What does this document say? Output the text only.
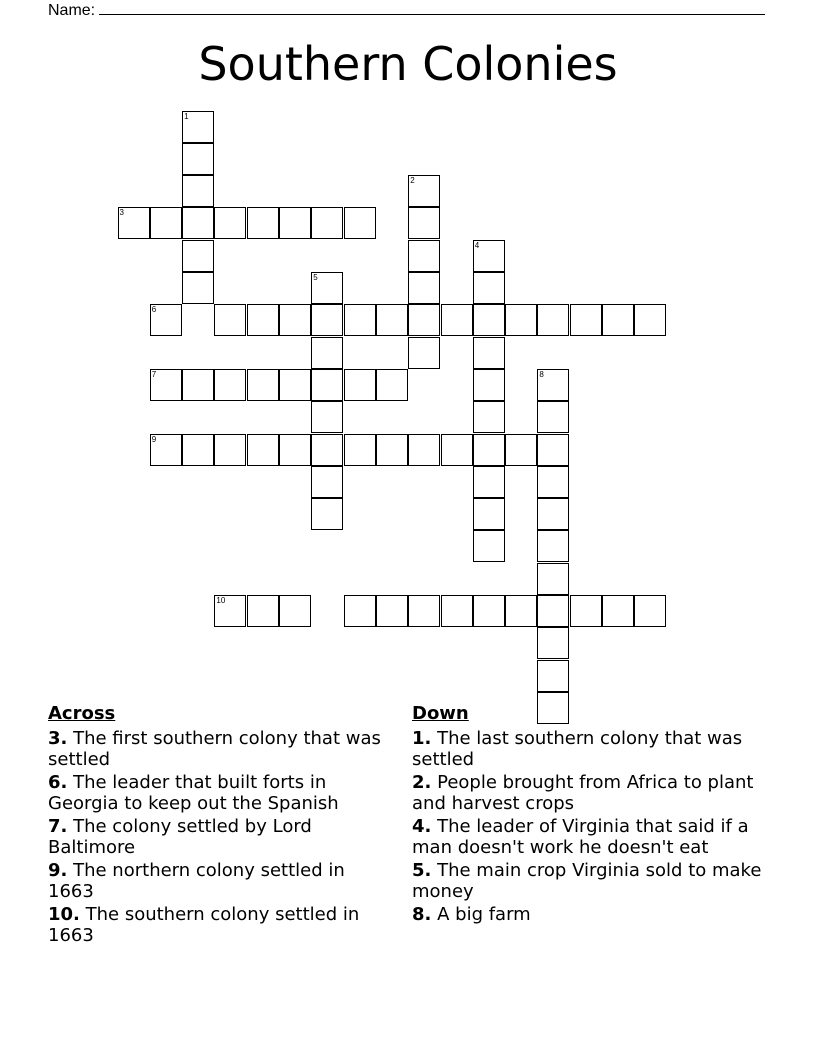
Name:
Southern Colonies
1
3
2
4
5
6
7	8
9
10
Across
3. The first southern colony that was settled
6. The leader that built forts in Georgia to keep out the Spanish
7. The colony settled by Lord Baltimore
9. The northern colony settled in 1663
10. The southern colony settled in 1663
Down
1. The last southern colony that was settled
2. People brought from Africa to plant and harvest crops
4. The leader of Virginia that said if a man doesn't work he doesn't eat
5. The main crop Virginia sold to make money
8. A big farm
